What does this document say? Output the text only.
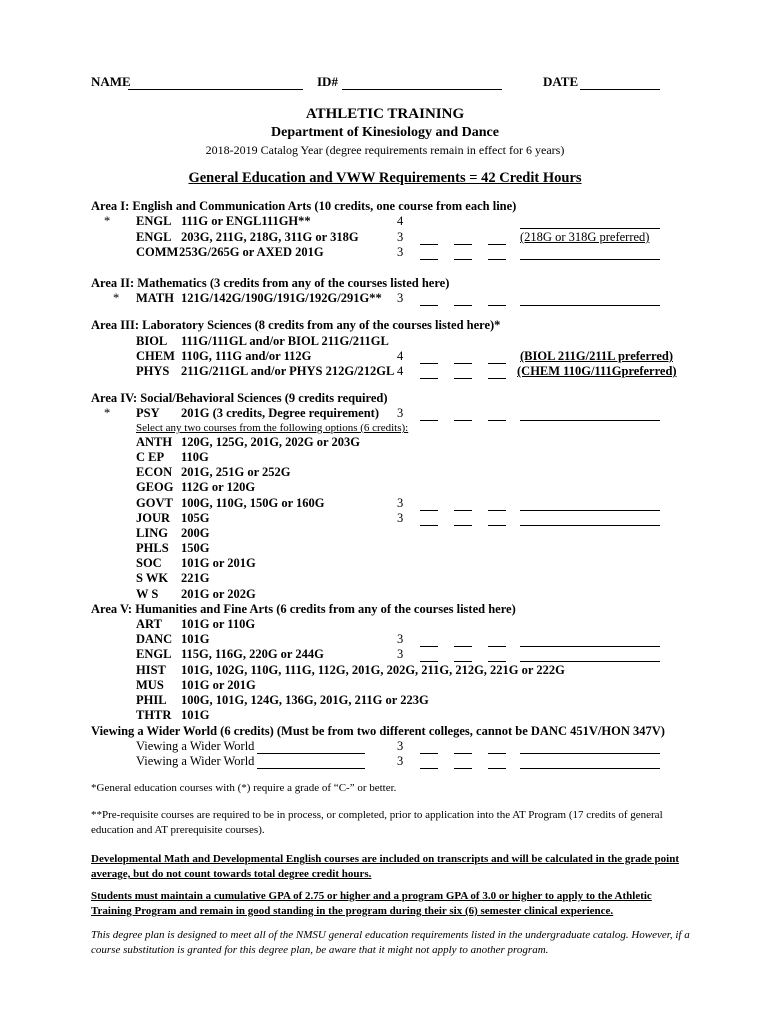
NAME	ID#	DATE
ATHLETIC TRAINING
Department of Kinesiology and Dance
2018-2019 Catalog Year (degree requirements remain in effect for 6 years)
General Education and VWW Requirements = 42 Credit Hours
Area I: English and Communication Arts (10 credits, one course from each line)
* ENGL 111G or ENGL111GH**	4
ENGL 203G, 211G, 218G, 311G or 318G	3	(218G or 318G preferred)
COMM 253G/265G or AXED 201G	3
Area II: Mathematics (3 credits from any of the courses listed here)
* MATH 121G/142G/190G/191G/192G/291G** 3
Area III: Laboratory Sciences (8 credits from any of the courses listed here)*
BIOL 111G/111GL and/or BIOL 211G/211GL
CHEM 110G, 111G and/or 112G	4	(BIOL 211G/211L preferred)
PHYS 211G/211GL and/or PHYS 212G/212GL 4	(CHEM 110G/111Gpreferred)
Area IV: Social/Behavioral Sciences (9 credits required)
* PSY 201G (3 credits, Degree requirement) 3
Select any two courses from the following options (6 credits):
ANTH 120G, 125G, 201G, 202G or 203G
C EP 110G
ECON 201G, 251G or 252G
GEOG 112G or 120G
GOVT 100G, 110G, 150G or 160G	3
JOUR 105G	3
LING 200G
PHLS 150G
SOC 101G or 201G
S WK 221G
W S 201G or 202G
Area V: Humanities and Fine Arts (6 credits from any of the courses listed here)
ART 101G or 110G
DANC 101G	3
ENGL 115G, 116G, 220G or 244G	3
HIST 101G, 102G, 110G, 111G, 112G, 201G, 202G, 211G, 212G, 221G or 222G
MUS 101G or 201G
PHIL 100G, 101G, 124G, 136G, 201G, 211G or 223G
THTR 101G
Viewing a Wider World (6 credits) (Must be from two different colleges, cannot be DANC 451V/HON 347V)
Viewing a Wider World	3
Viewing a Wider World	3
*General education courses with (*) require a grade of “C-” or better.
**Pre-requisite courses are required to be in process, or completed, prior to application into the AT Program (17 credits of general education and AT prerequisite courses).
Developmental Math and Developmental English courses are included on transcripts and will be calculated in the grade point average, but do not count towards total degree credit hours.
Students must maintain a cumulative GPA of 2.75 or higher and a program GPA of 3.0 or higher to apply to the Athletic Training Program and remain in good standing in the program during their six (6) semester clinical experience.
This degree plan is designed to meet all of the NMSU general education requirements listed in the undergraduate catalog. However, if a course substitution is granted for this degree plan, be aware that it might not apply to another program.
